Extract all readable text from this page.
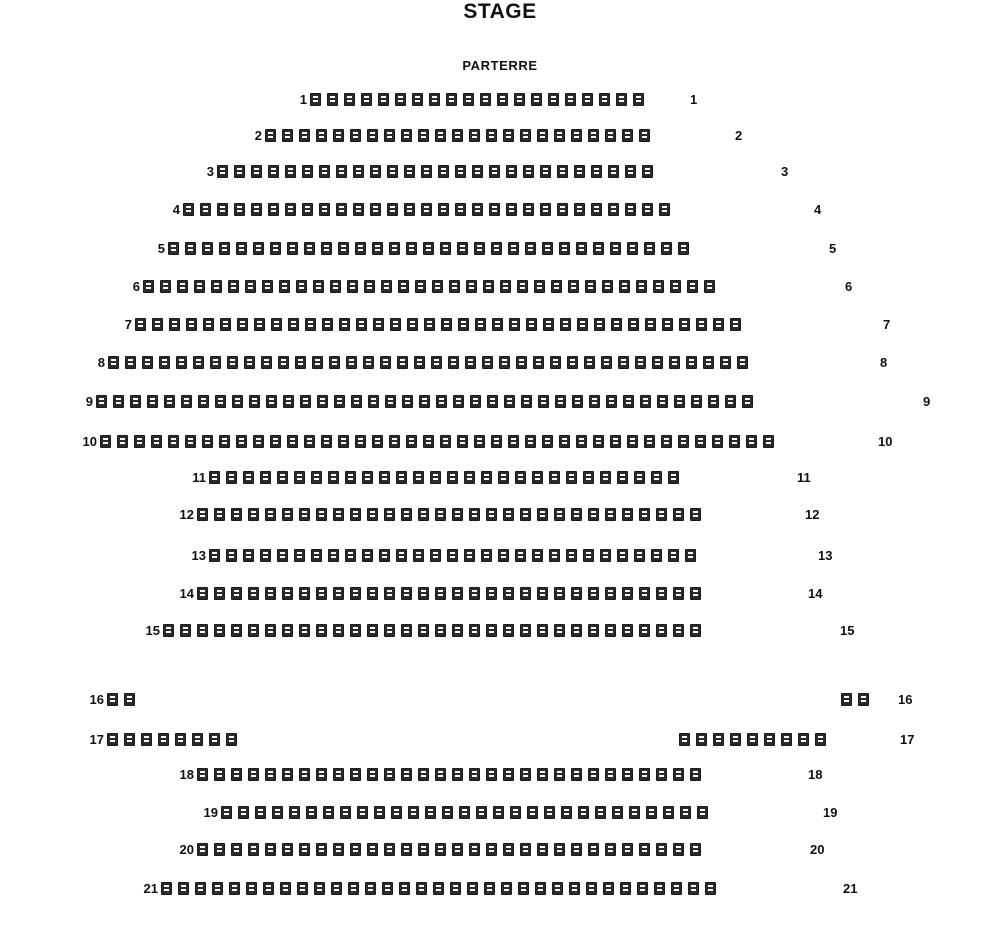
STAGE
PARTERRE
1	1
2	2
3	3
4	4
5	5
6	6
7	7
8	8
9	9
10	10
11	11
12	12
13	13
14	14
15	15
16	16
17	17
18	18
19	19
20	20
21	21
